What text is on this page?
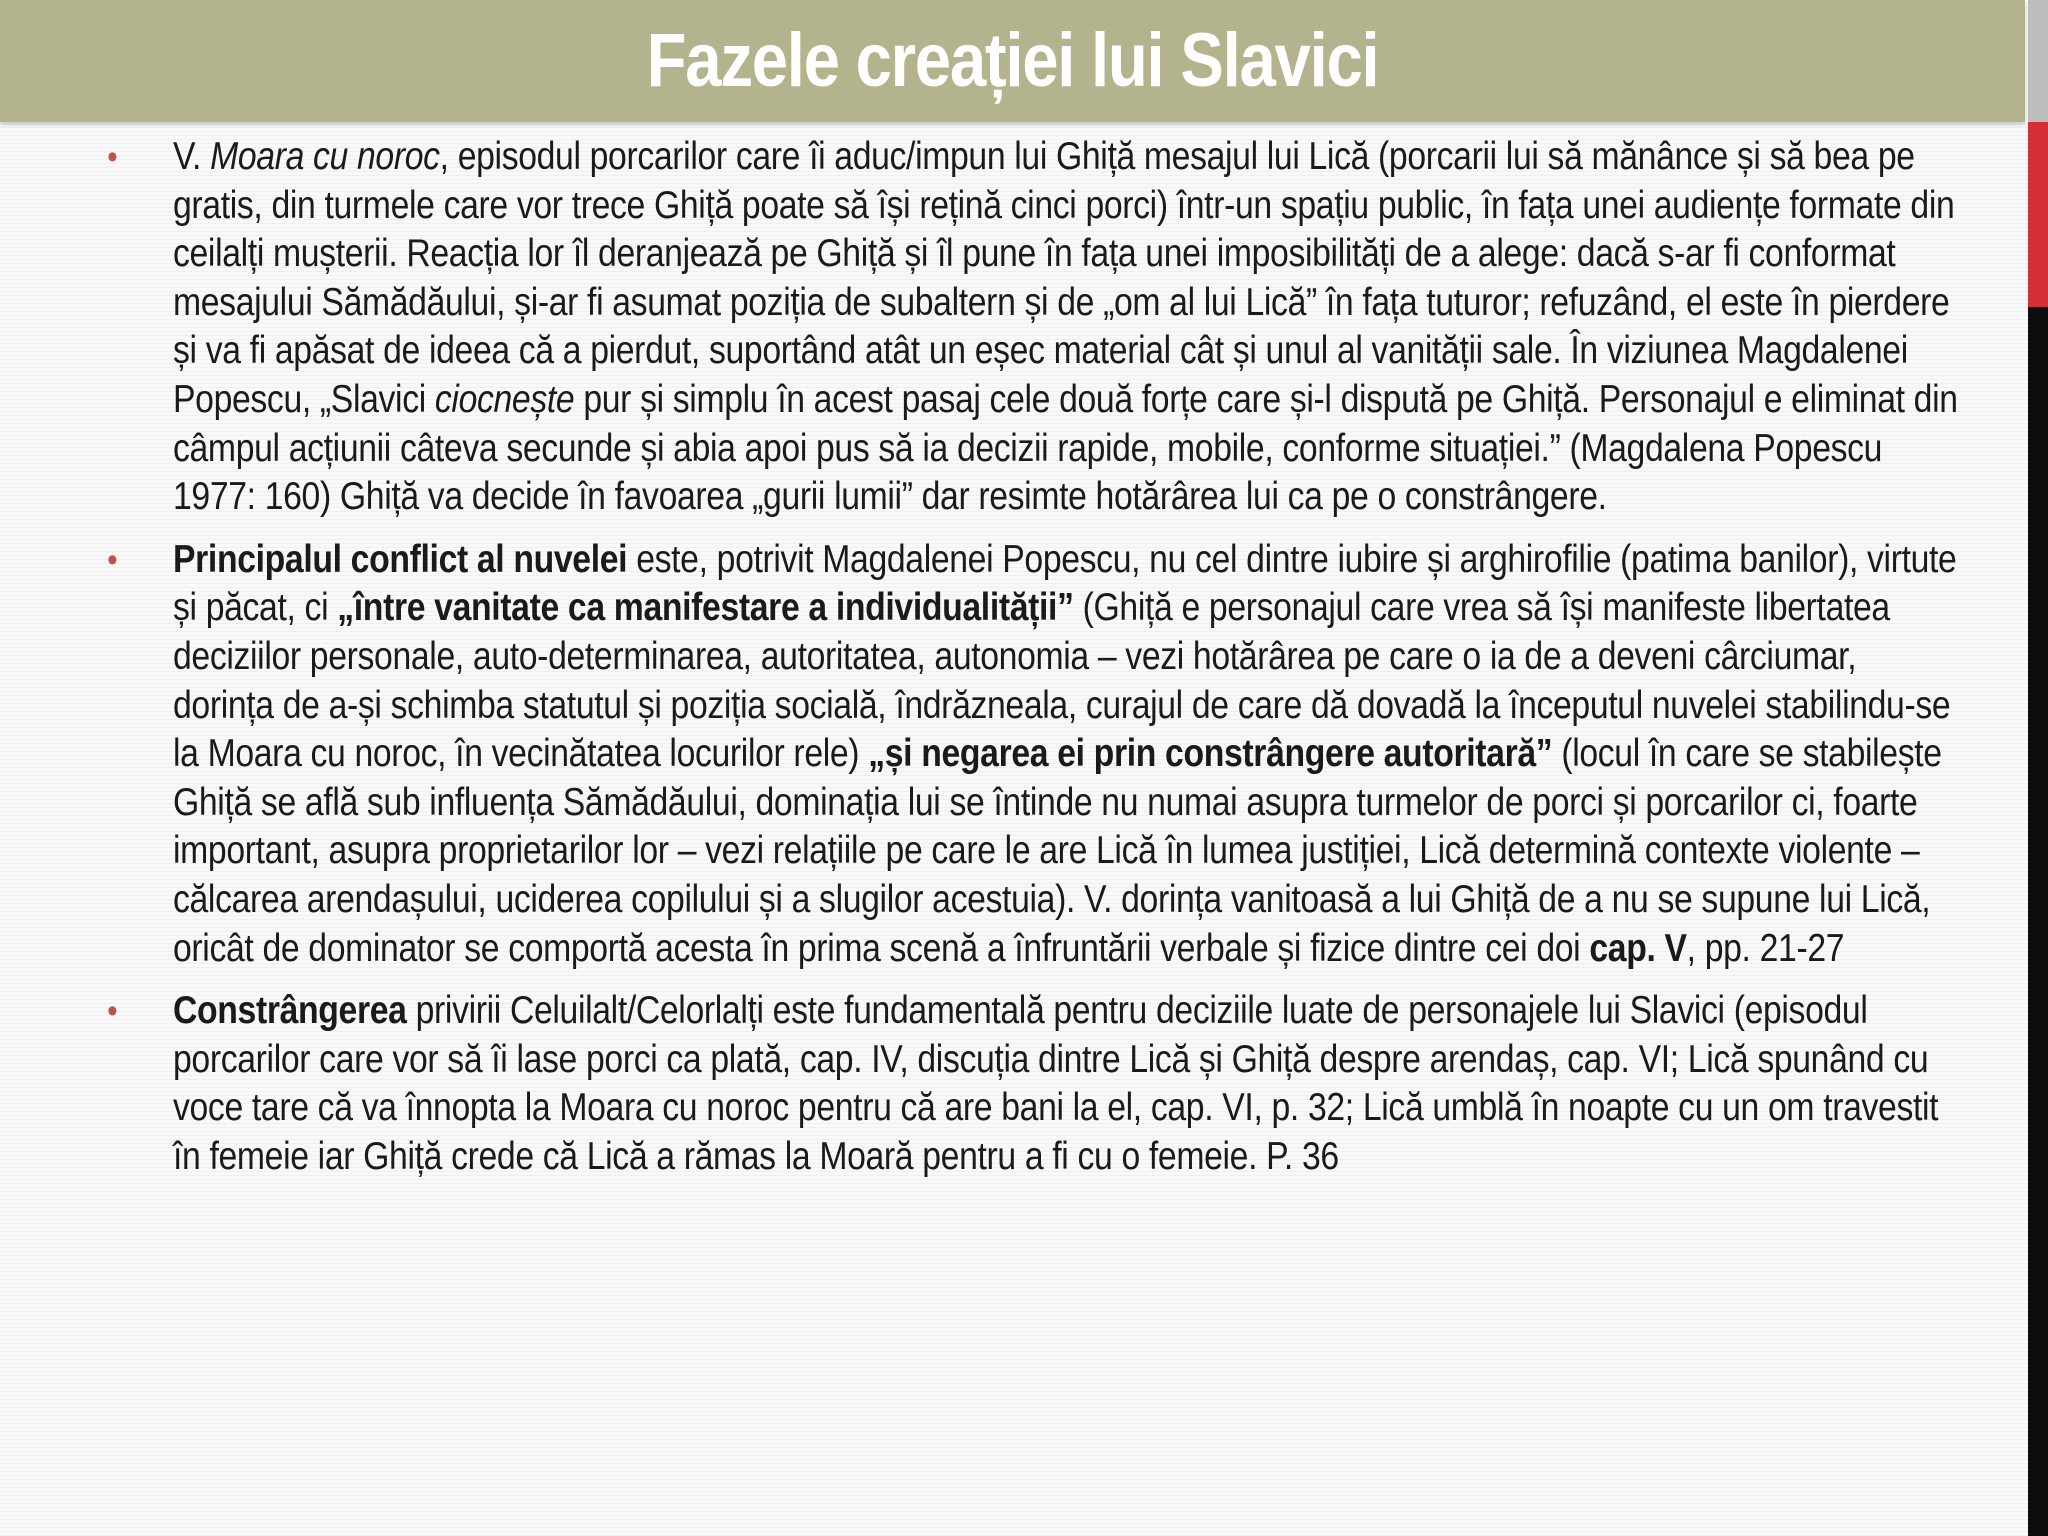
Fazele creației lui Slavici
• V. Moara cu noroc, episodul porcarilor care îi aduc/impun lui Ghiță mesajul lui Lică (porcarii lui să mănânce și să bea pe gratis, din turmele care vor trece Ghiță poate să își rețină cinci porci) într-un spațiu public, în fața unei audiențe formate din ceilalți mușterii. Reacția lor îl deranjează pe Ghiță și îl pune în fața unei imposibilități de a alege: dacă s-ar fi conformat mesajului Sămădăului, și-ar fi asumat poziția de subaltern și de „om al lui Lică” în fața tuturor; refuzând, el este în pierdere și va fi apăsat de ideea că a pierdut, suportând atât un eșec material cât și unul al vanității sale. În viziunea Magdalenei Popescu, „Slavici ciocnește pur și simplu în acest pasaj cele două forțe care și-l dispută pe Ghiță. Personajul e eliminat din câmpul acțiunii câteva secunde și abia apoi pus să ia decizii rapide, mobile, conforme situației.” (Magdalena Popescu 1977: 160) Ghiță va decide în favoarea „gurii lumii” dar resimte hotărârea lui ca pe o constrângere.
• Principalul conflict al nuvelei este, potrivit Magdalenei Popescu, nu cel dintre iubire și arghirofilie (patima banilor), virtute și păcat, ci „între vanitate ca manifestare a individualității” (Ghiță e personajul care vrea să își manifeste libertatea deciziilor personale, auto-determinarea, autoritatea, autonomia – vezi hotărârea pe care o ia de a deveni cârciumar, dorința de a-și schimba statutul și poziția socială, îndrăzneala, curajul de care dă dovadă la începutul nuvelei stabilindu-se la Moara cu noroc, în vecinătatea locurilor rele) „și negarea ei prin constrângere autoritară” (locul în care se stabilește Ghiță se află sub influența Sămădăului, dominația lui se întinde nu numai asupra turmelor de porci și porcarilor ci, foarte important, asupra proprietarilor lor – vezi relațiile pe care le are Lică în lumea justiției, Lică determină contexte violente – călcarea arendașului, uciderea copilului și a slugilor acestuia). V. dorința vanitoasă a lui Ghiță de a nu se supune lui Lică, oricât de dominator se comportă acesta în prima scenă a înfruntării verbale și fizice dintre cei doi cap. V, pp. 21-27
• Constrângerea privirii Celuilalt/Celorlalți este fundamentală pentru deciziile luate de personajele lui Slavici (episodul porcarilor care vor să îi lase porci ca plată, cap. IV, discuția dintre Lică și Ghiță despre arendaș, cap. VI; Lică spunând cu voce tare că va înnopta la Moara cu noroc pentru că are bani la el, cap. VI, p. 32; Lică umblă în noapte cu un om travestit în femeie iar Ghiță crede că Lică a rămas la Moară pentru a fi cu o femeie. P. 36
